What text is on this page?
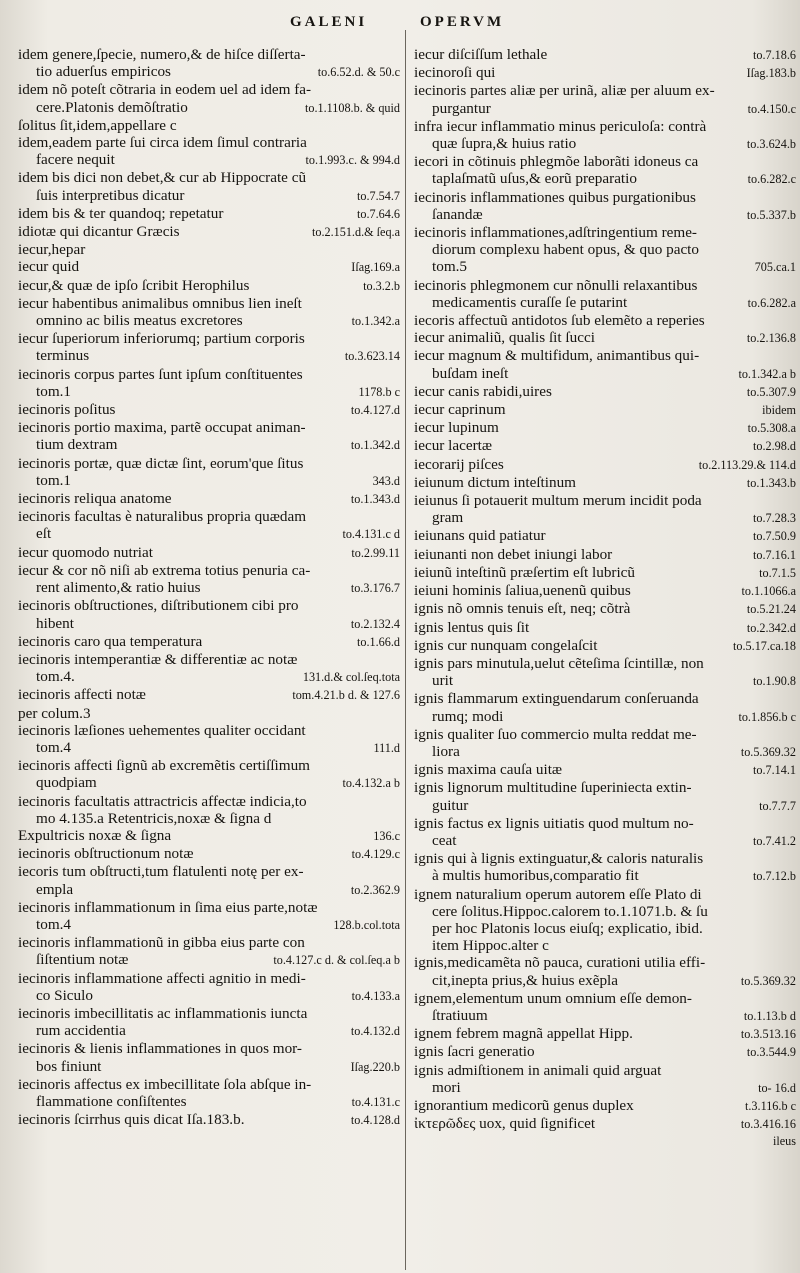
GALENI	OPERVM
idem genere,ſpecie, numero,& de hiſce diſſerta-
tio aduerſus empiricos	to.6.52.d. & 50.c
idem nõ poteſt cõtraria in eodem uel ad idem fa-
cere.Platonis demõſtratio	to.1.1108.b. & quid
ſolitus ſit,idem,appellare c
idem,eadem parte ſui circa idem ſimul contraria
facere nequit	to.1.993.c. & 994.d
idem bis dici non debet,& cur ab Hippocrate cũ
ſuis interpretibus dicatur	to.7.54.7
idem bis & ter quandoq; repetatur	to.7.64.6
idiotæ qui dicantur Græcis	to.2.151.d.& ſeq.a
iecur,hepar
iecur quid	Iſag.169.a
iecur,& quæ de ipſo ſcribit Herophilus	to.3.2.b
iecur habentibus animalibus omnibus lien ineſt
omnino ac bilis meatus excretores	to.1.342.a
iecur ſuperiorum inferiorumq; partium corporis
terminus	to.3.623.14
iecinoris corpus partes ſunt ipſum conſtituentes
tom.1	1178.b c
iecinoris poſitus	to.4.127.d
iecinoris portio maxima, partẽ occupat animan-
tium dextram	to.1.342.d
iecinoris portæ, quæ dictæ ſint, eorum'que ſitus
tom.1	343.d
iecinoris reliqua anatome	to.1.343.d
iecinoris facultas è naturalibus propria quædam
eſt	to.4.131.c d
iecur quomodo nutriat	to.2.99.11
iecur & cor nõ niſi ab extrema totius penuria ca-
rent alimento,& ratio huius	to.3.176.7
iecinoris obſtructiones, diſtributionem cibi pro
hibent	to.2.132.4
iecinoris caro qua temperatura	to.1.66.d
iecinoris intemperantiæ & differentiæ ac notæ
tom.4.	131.d.& col.ſeq.tota
iecinoris affecti notæ	tom.4.21.b d. & 127.6
per colum.3
iecinoris læſiones uehementes qualiter occidant
tom.4	111.d
iecinoris affecti ſignũ ab excremẽtis certiſſimum
quodpiam	to.4.132.a b
iecinoris facultatis attractricis affectæ indicia,to
mo 4.135.a Retentricis,noxæ & ſigna d
Expultricis noxæ & ſigna	136.c
iecinoris obſtructionum notæ	to.4.129.c
iecoris tum obſtructi,tum flatulenti notę per ex-
empla	to.2.362.9
iecinoris inflammationum in ſima eius parte,notæ
tom.4	128.b.col.tota
iecinoris inflammationũ in gibba eius parte con
ſiſtentium notæ	to.4.127.c d. & col.ſeq.a b
iecinoris inflammatione affecti agnitio in medi-
co Siculo	to.4.133.a
iecinoris imbecillitatis ac inflammationis iuncta
rum accidentia	to.4.132.d
iecinoris & lienis inflammationes in quos mor-
bos finiunt	Iſag.220.b
iecinoris affectus ex imbecillitate ſola abſque in-
flammatione conſiſtentes	to.4.131.c
iecinoris ſcirrhus quis dicat Iſa.183.b.	to.4.128.d
iecur diſciſſum lethale	to.7.18.6
iecinoroſi qui	Iſag.183.b
iecinoris partes aliæ per urinã, aliæ per aluum ex-
purgantur	to.4.150.c
infra iecur inflammatio minus periculoſa: contrà
quæ ſupra,& huius ratio	to.3.624.b
iecori in cõtinuis phlegmõe laborãti idoneus ca
taplaſmatũ uſus,& eorũ preparatio	to.6.282.c
iecinoris inflammationes quibus purgationibus
ſanandæ	to.5.337.b
iecinoris inflammationes,adſtringentium reme-
diorum complexu habent opus, & quo pacto
tom.5	705.ca.1
iecinoris phlegmonem cur nõnulli relaxantibus
medicamentis curaſſe ſe putarint	to.6.282.a
iecoris affectuũ antidotos ſub elemẽto a reperies
iecur animaliũ, qualis ſit ſucci	to.2.136.8
iecur magnum & multifidum, animantibus qui-
buſdam ineſt	to.1.342.a b
iecur canis rabidi,uires	to.5.307.9
iecur caprinum	ibidem
iecur lupinum	to.5.308.a
iecur lacertæ	to.2.98.d
iecorarij piſces	to.2.113.29.& 114.d
ieiunum dictum inteſtinum	to.1.343.b
ieiunus ſi potauerit multum merum incidit poda
gram	to.7.28.3
ieiunans quid patiatur	to.7.50.9
ieiunanti non debet iniungi labor	to.7.16.1
ieiunũ inteſtinũ præſertim eſt lubricũ	to.7.1.5
ieiuni hominis ſaliua,uenenũ quibus	to.1.1066.a
ignis nõ omnis tenuis eſt, neq; cõtrà	to.5.21.24
ignis lentus quis ſit	to.2.342.d
ignis cur nunquam congelaſcit	to.5.17.ca.18
ignis pars minutula,uelut cẽteſima ſcintillæ, non
urit	to.1.90.8
ignis flammarum extinguendarum conſeruanda
rumq; modi	to.1.856.b c
ignis qualiter ſuo commercio multa reddat me-
liora	to.5.369.32
ignis maxima cauſa uitæ	to.7.14.1
ignis lignorum multitudine ſuperiniecta extin-
guitur	to.7.7.7
ignis factus ex lignis uitiatis quod multum no-
ceat	to.7.41.2
ignis qui à lignis extinguatur,& caloris naturalis
à multis humoribus,comparatio fit	to.7.12.b
ignem naturalium operum autorem eſſe Plato di
cere ſolitus.Hippoc.calorem to.1.1071.b. & ſu
per hoc Platonis locus eiuſq; explicatio, ibid.
item Hippoc.alter c
ignis,medicamẽta nõ pauca, curationi utilia effi-
cit,inepta prius,& huius exẽpla	to.5.369.32
ignem,elementum unum omnium eſſe demon-
ſtratiuum	to.1.13.b d
ignem febrem magnã appellat Hipp.	to.3.513.16
ignis ſacri generatio	to.3.544.9
ignis admiſtionem in animali quid arguat
mori	to- 16.d
ignorantium medicorũ genus duplex	t.3.116.b c
ἰκτερῶδες uox, quid ſignificet	to.3.416.16
ileus
